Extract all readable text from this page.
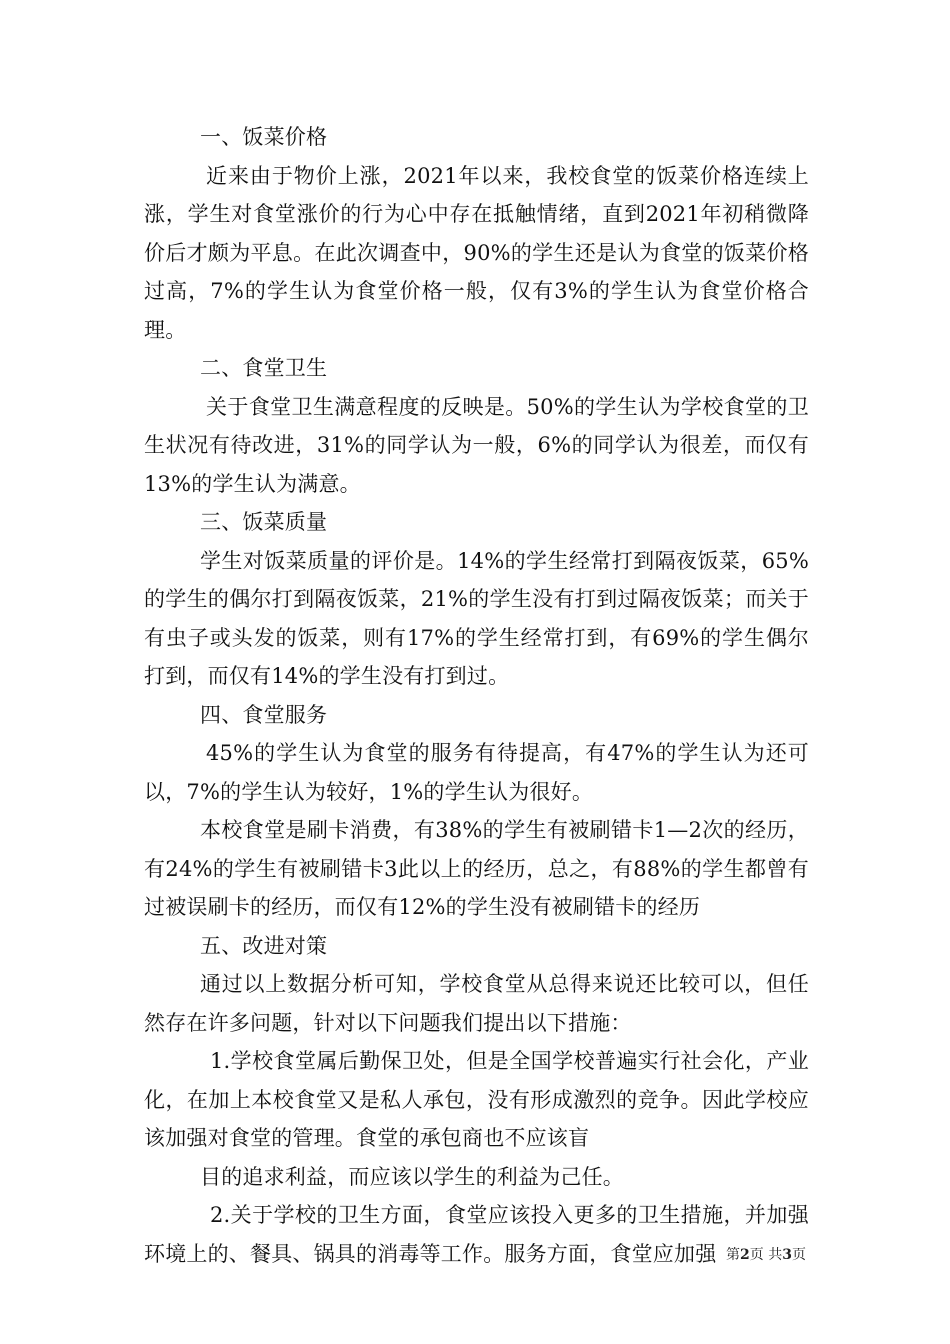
一、饭菜价格

近来由于物价上涨，2021年以来，我校食堂的饭菜价格连续上涨，学生对食堂涨价的行为心中存在抵触情绪，直到2021年初稍微降价后才颇为平息。在此次调查中，90%的学生还是认为食堂的饭菜价格过高，7%的学生认为食堂价格一般，仅有3%的学生认为食堂价格合理。

二、食堂卫生

关于食堂卫生满意程度的反映是。50%的学生认为学校食堂的卫生状况有待改进，31%的同学认为一般，6%的同学认为很差，而仅有13%的学生认为满意。

三、饭菜质量

学生对饭菜质量的评价是。14%的学生经常打到隔夜饭菜，65%的学生的偶尔打到隔夜饭菜，21%的学生没有打到过隔夜饭菜；而关于有虫子或头发的饭菜，则有17%的学生经常打到，有69%的学生偶尔打到，而仅有14%的学生没有打到过。

四、食堂服务

45%的学生认为食堂的服务有待提高，有47%的学生认为还可以，7%的学生认为较好，1%的学生认为很好。

本校食堂是刷卡消费，有38%的学生有被刷错卡1—2次的经历，有24%的学生有被刷错卡3此以上的经历，总之，有88%的学生都曾有过被误刷卡的经历，而仅有12%的学生没有被刷错卡的经历

五、改进对策

通过以上数据分析可知，学校食堂从总得来说还比较可以，但任然存在许多问题，针对以下问题我们提出以下措施：

1.学校食堂属后勤保卫处，但是全国学校普遍实行社会化，产业化，在加上本校食堂又是私人承包，没有形成激烈的竞争。因此学校应该加强对食堂的管理。食堂的承包商也不应该盲

目的追求利益，而应该以学生的利益为己任。

2.关于学校的卫生方面，食堂应该投入更多的卫生措施，并加强环境上的、餐具、锅具的消毒等工作。服务方面，食堂应加强 第2页 共3页
